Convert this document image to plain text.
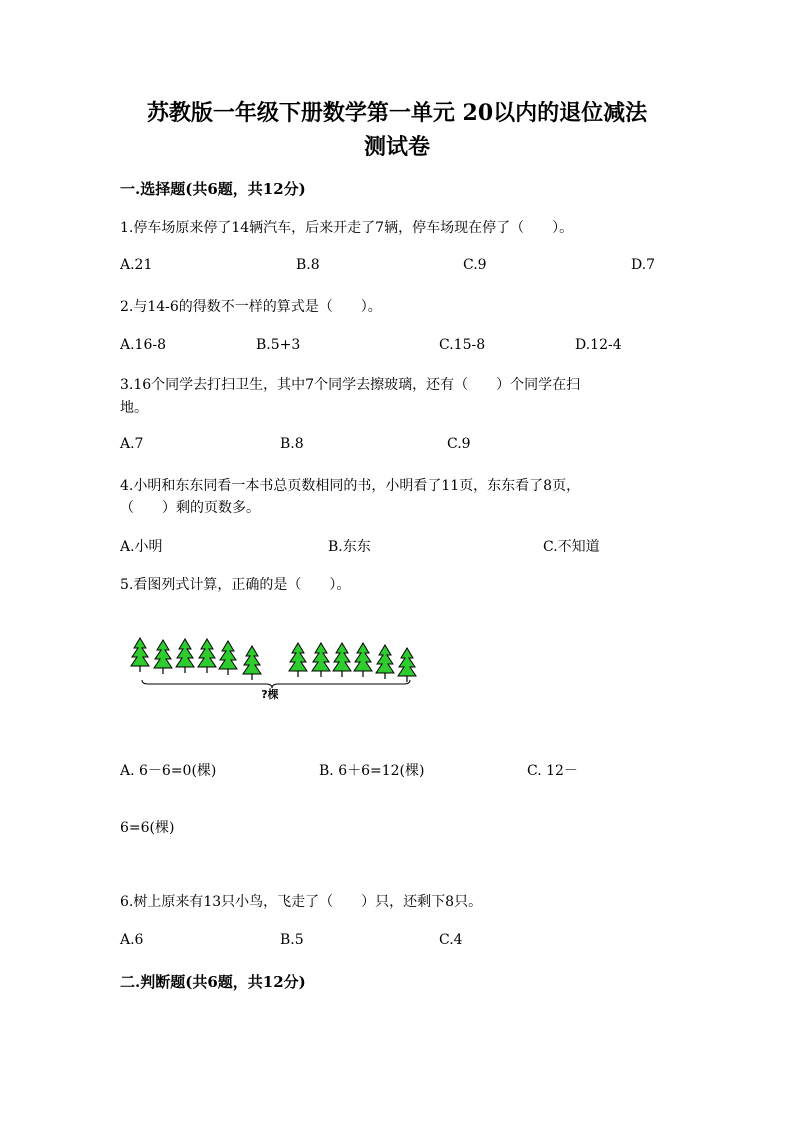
苏教版一年级下册数学第一单元 20以内的退位减法
测试卷
一.选择题(共6题，共12分)
1.停车场原来停了14辆汽车，后来开走了7辆，停车场现在停了（　　）。
A.21	B.8	C.9	D.7
2.与14-6的得数不一样的算式是（　　）。
A.16-8	B.5+3	C.15-8	D.12-4
3.16个同学去打扫卫生，其中7个同学去擦玻璃，还有（　　）个同学在扫
地。
A.7	B.8	C.9
4.小明和东东同看一本书总页数相同的书，小明看了11页，东东看了8页，
（　　）剩的页数多。
A.小明	B.东东	C.不知道
5.看图列式计算，正确的是（　　）。
?棵
A. 6－6=0(棵)	B. 6＋6=12(棵)	C. 12－
6=6(棵)
6.树上原来有13只小鸟，飞走了（　　）只，还剩下8只。
A.6	B.5	C.4
二.判断题(共6题，共12分)
